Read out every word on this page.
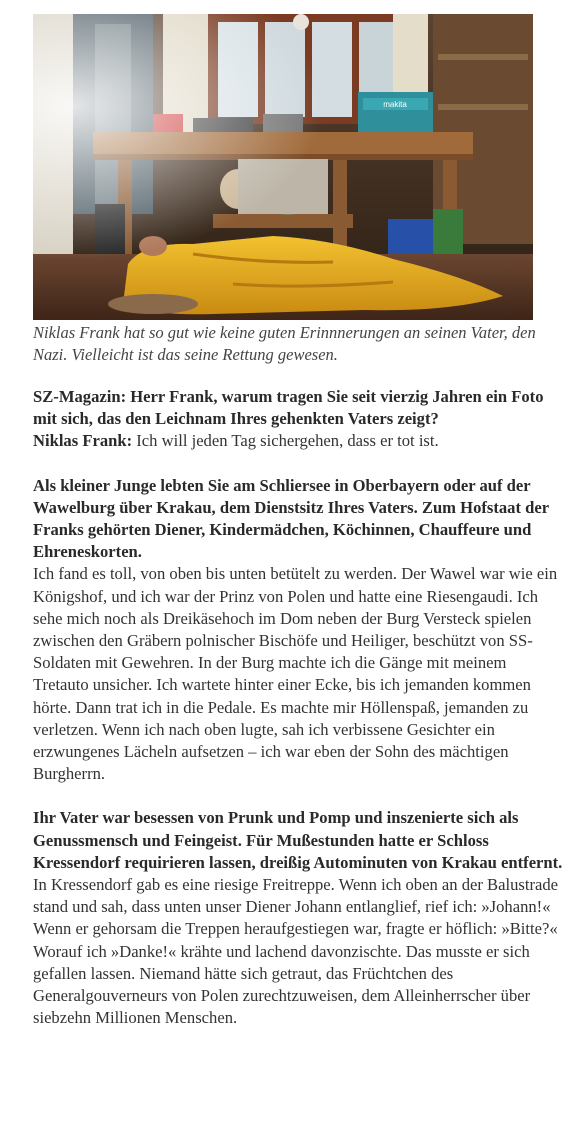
Niklas Frank hat so gut wie keine guten Erinnnerungen an seinen Vater, den Nazi. Vielleicht ist das seine Rettung gewesen.
SZ-Magazin: Herr Frank, warum tragen Sie seit vierzig Jahren ein Foto mit sich, das den Leichnam Ihres gehenkten Vaters zeigt?
Niklas Frank: Ich will jeden Tag sichergehen, dass er tot ist.
Als kleiner Junge lebten Sie am Schliersee in Oberbayern oder auf der Wawelburg über Krakau, dem Dienstsitz Ihres Vaters. Zum Hofstaat der Franks gehörten Diener, Kindermädchen, Köchinnen, Chauffeure und Ehreneskorten.
Ich fand es toll, von oben bis unten betütelt zu werden. Der Wawel war wie ein Königshof, und ich war der Prinz von Polen und hatte eine Riesengaudi. Ich sehe mich noch als Dreikäsehoch im Dom neben der Burg Versteck spielen zwischen den Gräbern polnischer Bischöfe und Heiliger, beschützt von SS-Soldaten mit Gewehren. In der Burg machte ich die Gänge mit meinem Tretauto unsicher. Ich wartete hinter einer Ecke, bis ich jemanden kommen hörte. Dann trat ich in die Pedale. Es machte mir Höllenspaß, jemanden zu verletzen. Wenn ich nach oben lugte, sah ich verbissene Gesichter ein erzwungenes Lächeln aufsetzen – ich war eben der Sohn des mächtigen Burgherrn.
Ihr Vater war besessen von Prunk und Pomp und inszenierte sich als Genussmensch und Feingeist. Für Mußestunden hatte er Schloss Kressendorf requirieren lassen, dreißig Autominuten von Krakau entfernt.
In Kressendorf gab es eine riesige Freitreppe. Wenn ich oben an der Balustrade stand und sah, dass unten unser Diener Johann entlanglief, rief ich: »Johann!« Wenn er gehorsam die Treppen heraufgestiegen war, fragte er höflich: »Bitte?« Worauf ich »Danke!« krähte und lachend davonzischte. Das musste er sich gefallen lassen. Niemand hätte sich getraut, das Früchtchen des Generalgouverneurs von Polen zurechtzuweisen, dem Alleinherrscher über siebzehn Millionen Menschen.
